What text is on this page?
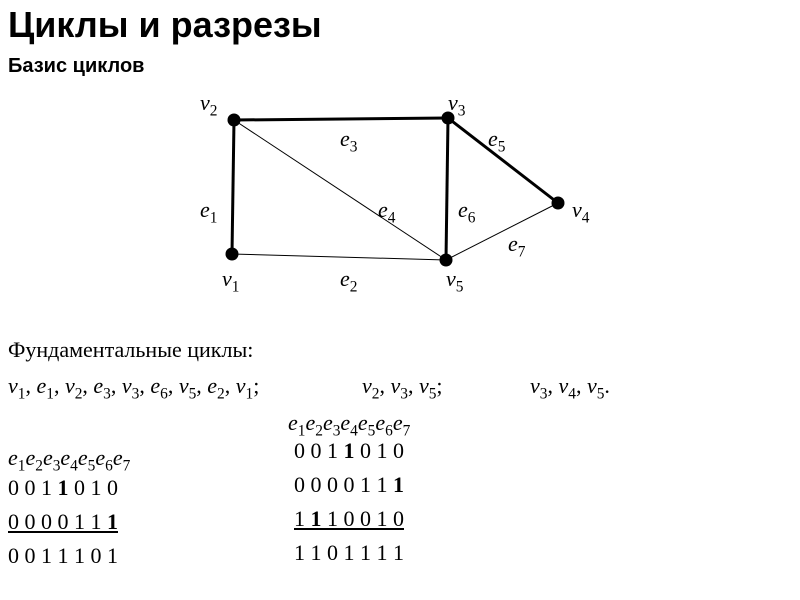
Циклы и разрезы
Базис циклов
$e_1$
$e_2$
$e_3$
$e_4$
$e_5$
$e_6$
$e_7$
$v_1$
$v_2$	$v_3$
$v_4$
$v_5$
Фундаментальные циклы:
$v_1$, $e_1$, $v_2$, $e_3$, $v_3$, $e_6$, $v_5$, $e_2$, $v_1$;	$v_2$, $v_3$, $v_5$;	$v_3$, $v_4$, $v_5$.
$e_1e_2e_3e_4e_5e_6e_7$
$e_1e_2e_3e_4e_5e_6e_7$
0 0 1 1 0 1 0
0 0 0 0 1 1 1
0 0 1 1 1 0 1
0 0 1 1 0 1 0
0 0 0 0 1 1 1
1 1 1 0 0 1 0
1 1 0 1 1 1 1
